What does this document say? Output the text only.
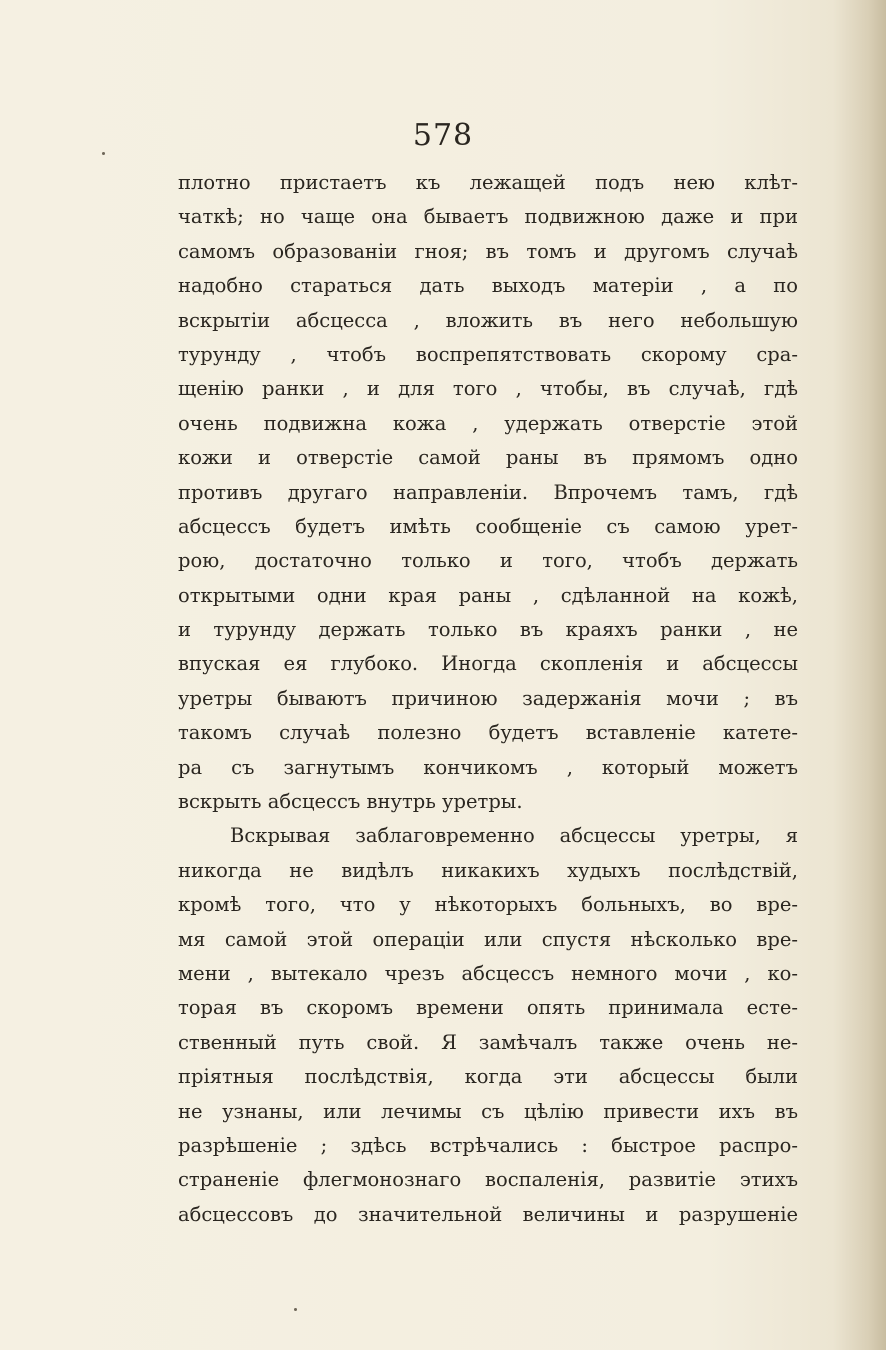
578
плотно пристаетъ къ лежащей подъ нею клѣт-
чаткѣ; но чаще она бываетъ подвижною даже и при
самомъ образованіи гноя; въ томъ и другомъ случаѣ
надобно стараться дать выходъ матеріи , а по
вскрытіи абсцесса , вложить въ него небольшую
турунду , чтобъ воспрепятствовать скорому сра-
щенію ранки , и для того , чтобы, въ случаѣ, гдѣ
очень подвижна кожа , удержать отверстіе этой
кожи и отверстіе самой раны въ прямомъ одно
противъ другаго направленіи. Впрочемъ тамъ, гдѣ
абсцессъ будетъ имѣть сообщеніе съ самою урет-
рою, достаточно только и того, чтобъ держать
открытыми одни края раны , сдѣланной на кожѣ,
и турунду держать только въ краяхъ ранки , не
впуская ея глубоко. Иногда скопленія и абсцессы
уретры бываютъ причиною задержанія мочи ; въ
такомъ случаѣ полезно будетъ вставленіе катете-
ра съ загнутымъ кончикомъ , который можетъ
вскрыть абсцессъ внутрь уретры.
Вскрывая заблаговременно абсцессы уретры, я
никогда не видѣлъ никакихъ худыхъ послѣдствій,
кромѣ того, что у нѣкоторыхъ больныхъ, во вре-
мя самой этой операціи или спустя нѣсколько вре-
мени , вытекало чрезъ абсцессъ немного мочи , ко-
торая въ скоромъ времени опять принимала есте-
ственный путь свой. Я замѣчалъ также очень не-
пріятныя послѣдствія, когда эти абсцессы были
не узнаны, или лечимы съ цѣлію привести ихъ въ
разрѣшеніе ; здѣсь встрѣчались : быстрое распро-
страненіе флегмонознаго воспаленія, развитіе этихъ
абсцессовъ до значительной величины и разрушеніе
